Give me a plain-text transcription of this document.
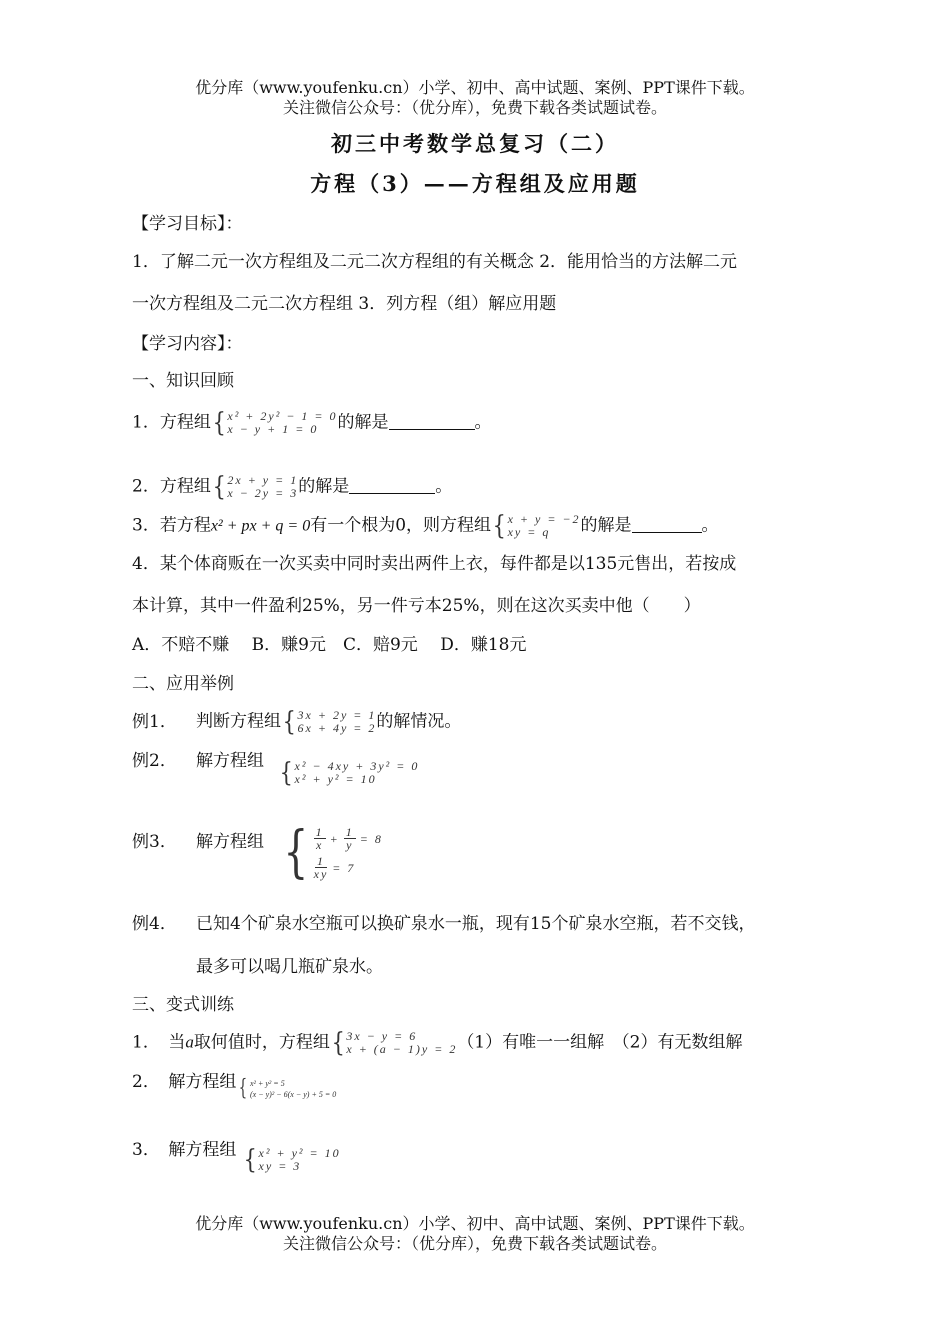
优分库（www.youfenku.cn）小学、初中、高中试题、案例、PPT课件下载。
关注微信公众号：（优分库），免费下载各类试题试卷。
初三中考数学总复习（二）
方程（3）——方程组及应用题
【学习目标】：
1．了解二元一次方程组及二元二次方程组的有关概念 2．能用恰当的方法解二元
一次方程组及二元二次方程组 3．列方程（组）解应用题
【学习内容】：
一、知识回顾
1．方程组 { x² + 2y² − 1 = 0
x − y + 1 = 0	的解是	。
2．方程组 { 2x + y = 1
x − 2y = 3 的解是	。
3．若方程x² + px + q = 0有一个根为0，则方程组 { x + y = −2
xy = q	的解是	。
4．某个体商贩在一次买卖中同时卖出两件上衣，每件都是以135元售出，若按成
本计算，其中一件盈利25%，另一件亏本25%，则在这次买卖中他（　　）
A．不赔不赚　 B．赚9元　C．赔9元　 D．赚18元
二、应用举例
例1． 判断方程组 { 3x + 2y = 1
6x + 4y = 2 的解情况。
例2． 解方程组 { x² − 4xy + 3y² = 0
x² + y² = 10
例3． 解方程组 { $\frac{1}{x} + \frac{1}{y} = 8$
$\frac{1}{xy} = 7$
例4． 已知4个矿泉水空瓶可以换矿泉水一瓶，现有15个矿泉水空瓶，若不交钱，
最多可以喝几瓶矿泉水。
三、变式训练
1．　当a取何值时，方程组 { 3x − y = 6
x + (a − 1)y = 2 （1）有唯一一组解　（2）有无数组解
2．　解方程组 { x² + y² = 5
(x − y)² − 6(x − y) + 5 = 0
3．　解方程组 { x² + y² = 10
xy = 3
优分库（www.youfenku.cn）小学、初中、高中试题、案例、PPT课件下载。
关注微信公众号：（优分库），免费下载各类试题试卷。
